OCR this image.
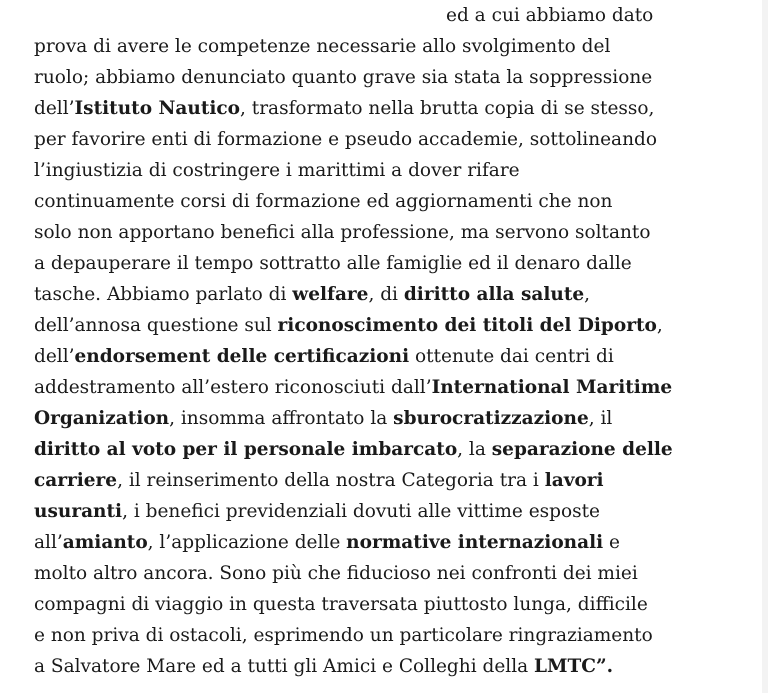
ed a cui abbiamo dato
prova di avere le competenze necessarie allo svolgimento del
ruolo; abbiamo denunciato quanto grave sia stata la soppressione
dell’Istituto Nautico, trasformato nella brutta copia di se stesso,
per favorire enti di formazione e pseudo accademie, sottolineando
l’ingiustizia di costringere i marittimi a dover rifare
continuamente corsi di formazione ed aggiornamenti che non
solo non apportano benefici alla professione, ma servono soltanto
a depauperare il tempo sottratto alle famiglie ed il denaro dalle
tasche. Abbiamo parlato di welfare, di diritto alla salute,
dell’annosa questione sul riconoscimento dei titoli del Diporto,
dell’endorsement delle certificazioni ottenute dai centri di
addestramento all’estero riconosciuti dall’International Maritime
Organization, insomma affrontato la sburocratizzazione, il
diritto al voto per il personale imbarcato, la separazione delle
carriere, il reinserimento della nostra Categoria tra i lavori
usuranti, i benefici previdenziali dovuti alle vittime esposte
all’amianto, l’applicazione delle normative internazionali e
molto altro ancora. Sono più che fiducioso nei confronti dei miei
compagni di viaggio in questa traversata piuttosto lunga, difficile
e non priva di ostacoli, esprimendo un particolare ringraziamento
a Salvatore Mare ed a tutti gli Amici e Colleghi della LMTC”.
